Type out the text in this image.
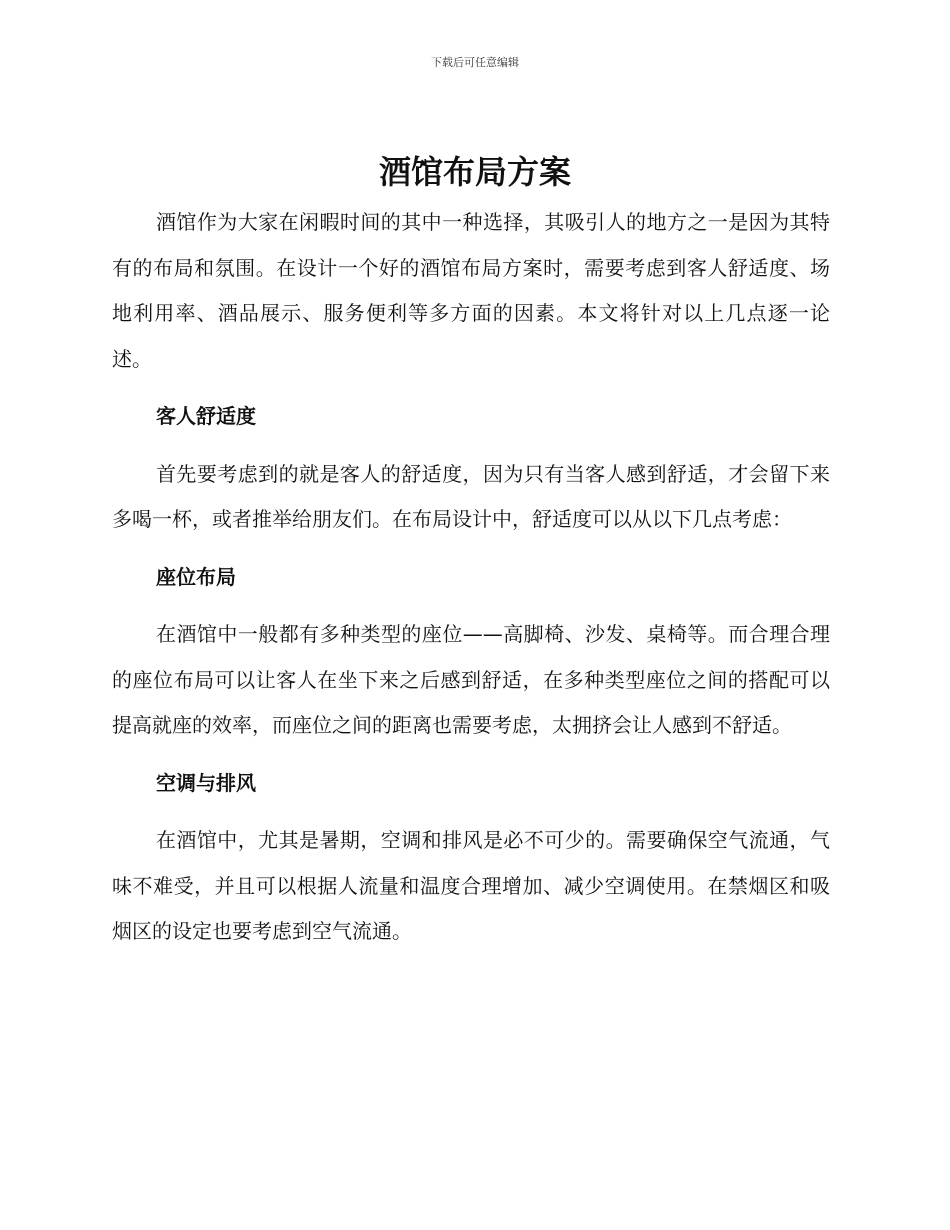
下载后可任意编辑
酒馆布局方案

酒馆作为大家在闲暇时间的其中一种选择，其吸引人的地方之一是因为其特有的布局和氛围。在设计一个好的酒馆布局方案时，需要考虑到客人舒适度、场地利用率、酒品展示、服务便利等多方面的因素。本文将针对以上几点逐一论述。

客人舒适度

首先要考虑到的就是客人的舒适度，因为只有当客人感到舒适，才会留下来多喝一杯，或者推举给朋友们。在布局设计中，舒适度可以从以下几点考虑：

座位布局

在酒馆中一般都有多种类型的座位——高脚椅、沙发、桌椅等。而合理合理的座位布局可以让客人在坐下来之后感到舒适，在多种类型座位之间的搭配可以提高就座的效率，而座位之间的距离也需要考虑，太拥挤会让人感到不舒适。

空调与排风

在酒馆中，尤其是暑期，空调和排风是必不可少的。需要确保空气流通，气味不难受，并且可以根据人流量和温度合理增加、减少空调使用。在禁烟区和吸烟区的设定也要考虑到空气流通。
